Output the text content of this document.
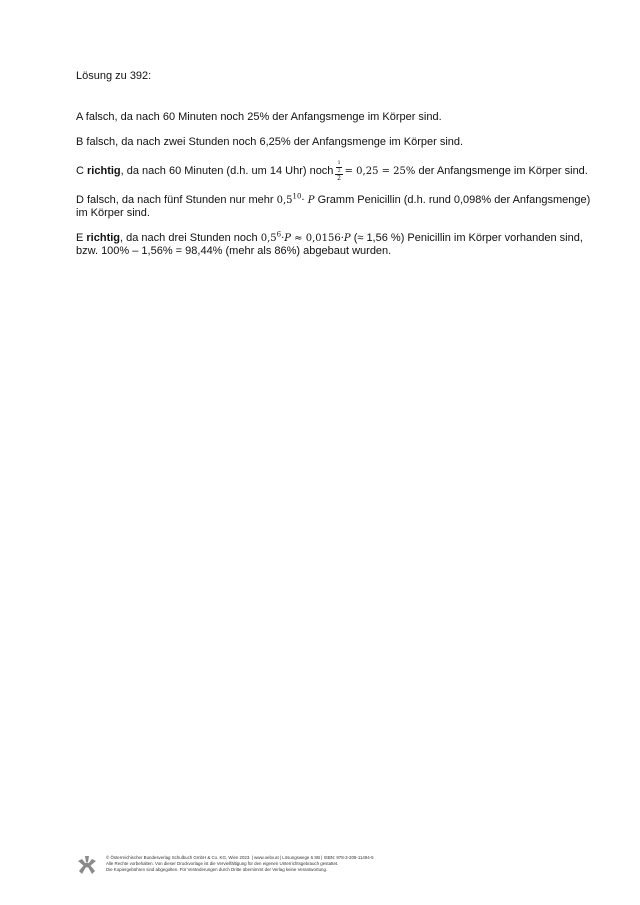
Lösung zu 392:
A falsch, da nach 60 Minuten noch 25% der Anfangsmenge im Körper sind.
B falsch, da nach zwei Stunden noch 6,25% der Anfangsmenge im Körper sind.
C
richtig , da nach 60 Minuten (d.h. um 14 Uhr) noch $\frac{\frac{1}{2}}{2} = 0,25 = 25\%$
der Anfangsmenge im Körper sind.
D falsch, da nach fünf Stunden nur mehr $0,5^{10}\cdot$ 𝑃 Gramm Penicillin (d.h. rund 0,098% der Anfangsmenge)
im Körper sind.
E richtig, da nach drei Stunden noch $0,5^6\cdot 𝑃$ ≈ 0,0156·𝑃 (≈ 1,56 %) Penicillin im Körper vorhanden sind,
bzw. 100% – 1,56% = 98,44% (mehr als 86%) abgebaut wurden.
© Österreichischer Bundesverlag Schulbuch GmbH & Co. KG, Wien 2023. | www.oebv.at | Lösungswege 6 SB | ISBN: 978-3-209-11494-5
Alle Rechte vorbehalten. Von dieser Druckvorlage ist die Vervielfältigung für den eigenen Unterrichtsgebrauch gestattet.
Die Kopiergebühren sind abgegolten. Für Veränderungen durch Dritte übernimmt der Verlag keine Verantwortung.
